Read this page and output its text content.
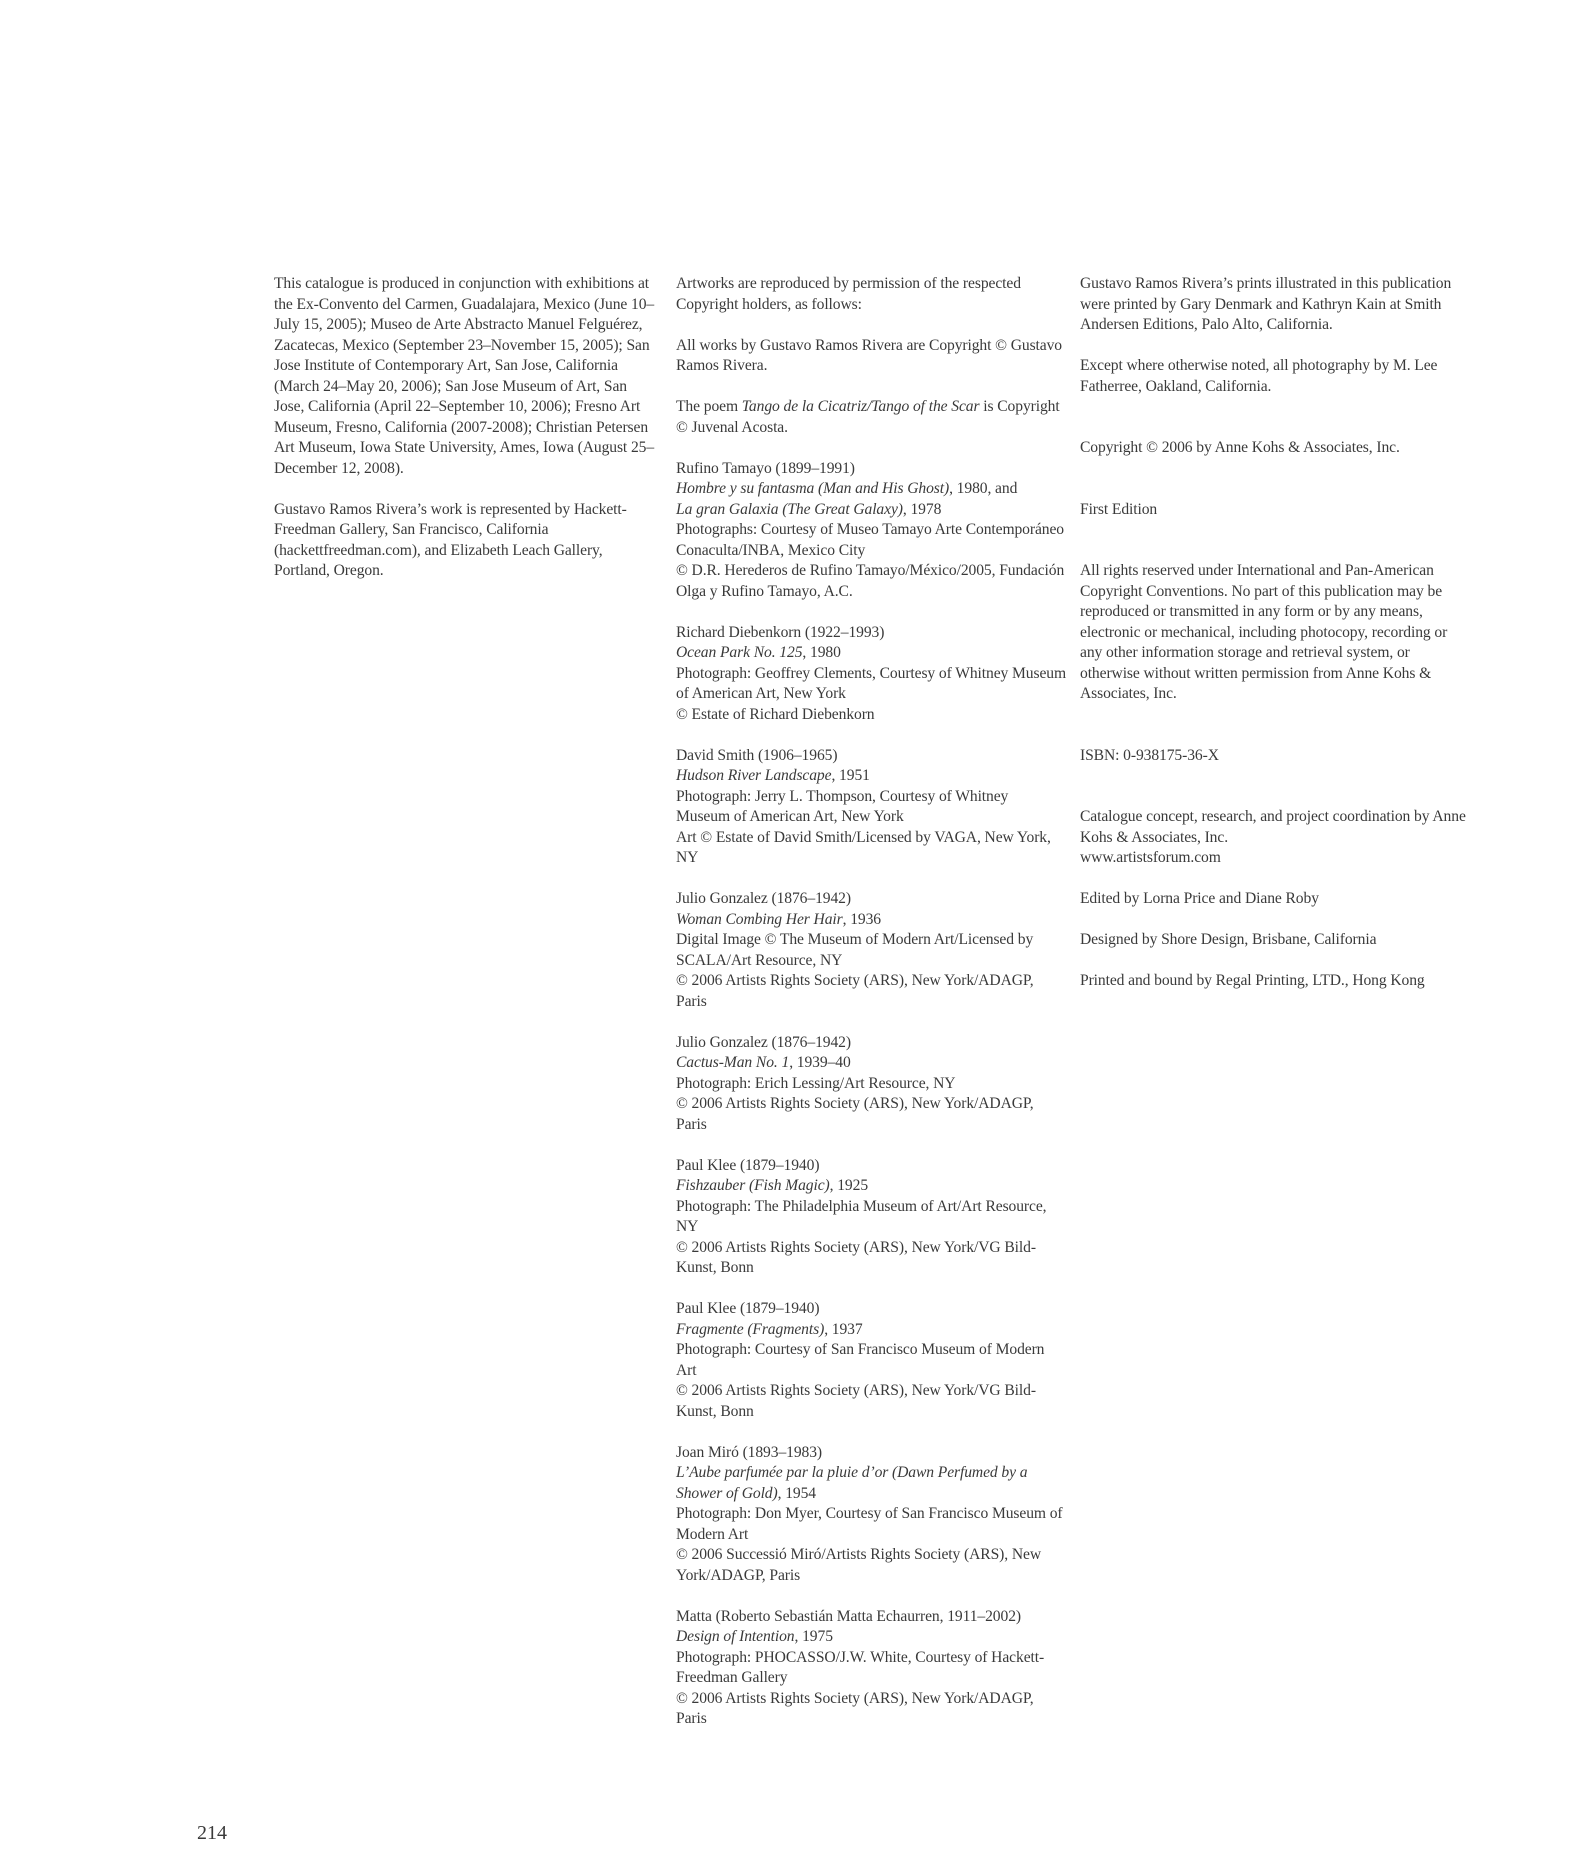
This catalogue is produced in conjunction with exhibitions at the Ex-Convento del Carmen, Guadalajara, Mexico (June 10–July 15, 2005); Museo de Arte Abstracto Manuel Felguérez, Zacatecas, Mexico (September 23–November 15, 2005); San Jose Institute of Contemporary Art, San Jose, California (March 24–May 20, 2006); San Jose Museum of Art, San Jose, California (April 22–September 10, 2006); Fresno Art Museum, Fresno, California (2007-2008); Christian Petersen Art Museum, Iowa State University, Ames, Iowa (August 25–December 12, 2008).

Gustavo Ramos Rivera’s work is represented by Hackett-Freedman Gallery, San Francisco, California (hackettfreedman.com), and Elizabeth Leach Gallery, Portland, Oregon.

Artworks are reproduced by permission of the respected Copyright holders, as follows:

All works by Gustavo Ramos Rivera are Copyright © Gustavo Ramos Rivera.

The poem Tango de la Cicatriz/Tango of the Scar is Copyright © Juvenal Acosta.

Rufino Tamayo (1899–1991)
Hombre y su fantasma (Man and His Ghost), 1980, and
La gran Galaxia (The Great Galaxy), 1978
Photographs: Courtesy of Museo Tamayo Arte Contemporáneo Conaculta/INBA, Mexico City
© D.R. Herederos de Rufino Tamayo/México/2005, Fundación Olga y Rufino Tamayo, A.C.
Richard Diebenkorn (1922–1993)
Ocean Park No. 125, 1980
Photograph: Geoffrey Clements, Courtesy of Whitney Museum of American Art, New York
© Estate of Richard Diebenkorn
David Smith (1906–1965)
Hudson River Landscape, 1951
Photograph: Jerry L. Thompson, Courtesy of Whitney Museum of American Art, New York
Art © Estate of David Smith/Licensed by VAGA, New York, NY
Julio Gonzalez (1876–1942)
Woman Combing Her Hair, 1936
Digital Image © The Museum of Modern Art/Licensed by SCALA/Art Resource, NY
© 2006 Artists Rights Society (ARS), New York/ADAGP, Paris
Julio Gonzalez (1876–1942)
Cactus-Man No. 1, 1939–40
Photograph: Erich Lessing/Art Resource, NY
© 2006 Artists Rights Society (ARS), New York/ADAGP, Paris
Paul Klee (1879–1940)
Fishzauber (Fish Magic), 1925
Photograph: The Philadelphia Museum of Art/Art Resource, NY
© 2006 Artists Rights Society (ARS), New York/VG Bild-Kunst, Bonn
Paul Klee (1879–1940)
Fragmente (Fragments), 1937
Photograph: Courtesy of San Francisco Museum of Modern Art
© 2006 Artists Rights Society (ARS), New York/VG Bild-Kunst, Bonn
Joan Miró (1893–1983)
L’Aube parfumée par la pluie d’or (Dawn Perfumed by a Shower of Gold), 1954
Photograph: Don Myer, Courtesy of San Francisco Museum of Modern Art
© 2006 Successió Miró/Artists Rights Society (ARS), New York/ADAGP, Paris
Matta (Roberto Sebastián Matta Echaurren, 1911–2002)
Design of Intention, 1975
Photograph: PHOCASSO/J.W. White, Courtesy of Hackett-Freedman Gallery
© 2006 Artists Rights Society (ARS), New York/ADAGP, Paris

Gustavo Ramos Rivera’s prints illustrated in this publication were printed by Gary Denmark and Kathryn Kain at Smith Andersen Editions, Palo Alto, California.

Except where otherwise noted, all photography by M. Lee Fatherree, Oakland, California.

Copyright © 2006 by Anne Kohs & Associates, Inc.

First Edition

All rights reserved under International and Pan-American Copyright Conventions. No part of this publication may be reproduced or transmitted in any form or by any means, electronic or mechanical, including photocopy, recording or any other information storage and retrieval system, or otherwise without written permission from Anne Kohs & Associates, Inc.

ISBN: 0-938175-36-X

Catalogue concept, research, and project coordination by Anne Kohs & Associates, Inc.
www.artistsforum.com

Edited by Lorna Price and Diane Roby

Designed by Shore Design, Brisbane, California

Printed and bound by Regal Printing, LTD., Hong Kong

214
